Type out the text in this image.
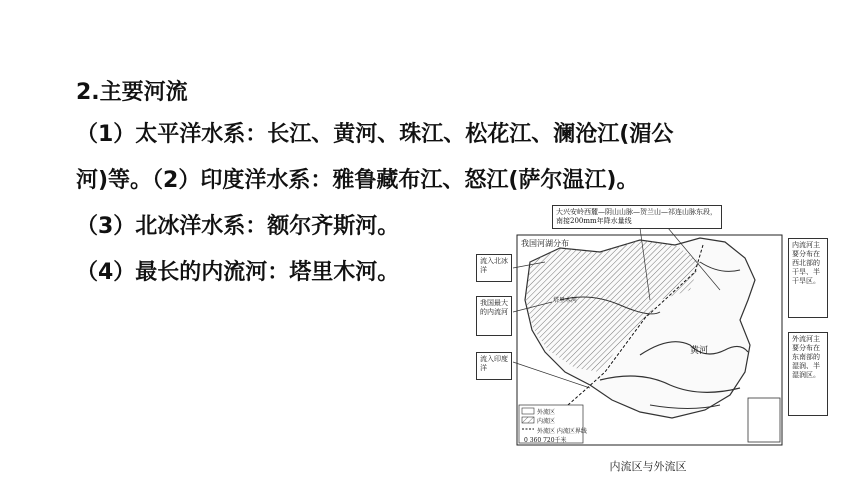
2.主要河流
（1）太平洋水系：长江、黄河、珠江、松花江、澜沧江(湄公
河)等。（2）印度洋水系：雅鲁藏布江、怒江(萨尔温江)。
（3）北冰洋水系：额尔齐斯河。
（4）最长的内流河：塔里木河。
我国河湖分布
大兴安岭西麓—阴山山脉—贺兰山—祁连山脉东段，南接200mm年降水量线
流入北冰洋
我国最大的内流河
流入印度洋
内流河主要分布在西北部的干旱、半干旱区。
外流河主要分布在东南部的湿润、半湿润区。
外流区
内流区
外流区 内流区界线
0 360 720千米
塔里木河
黄河
内流区与外流区
